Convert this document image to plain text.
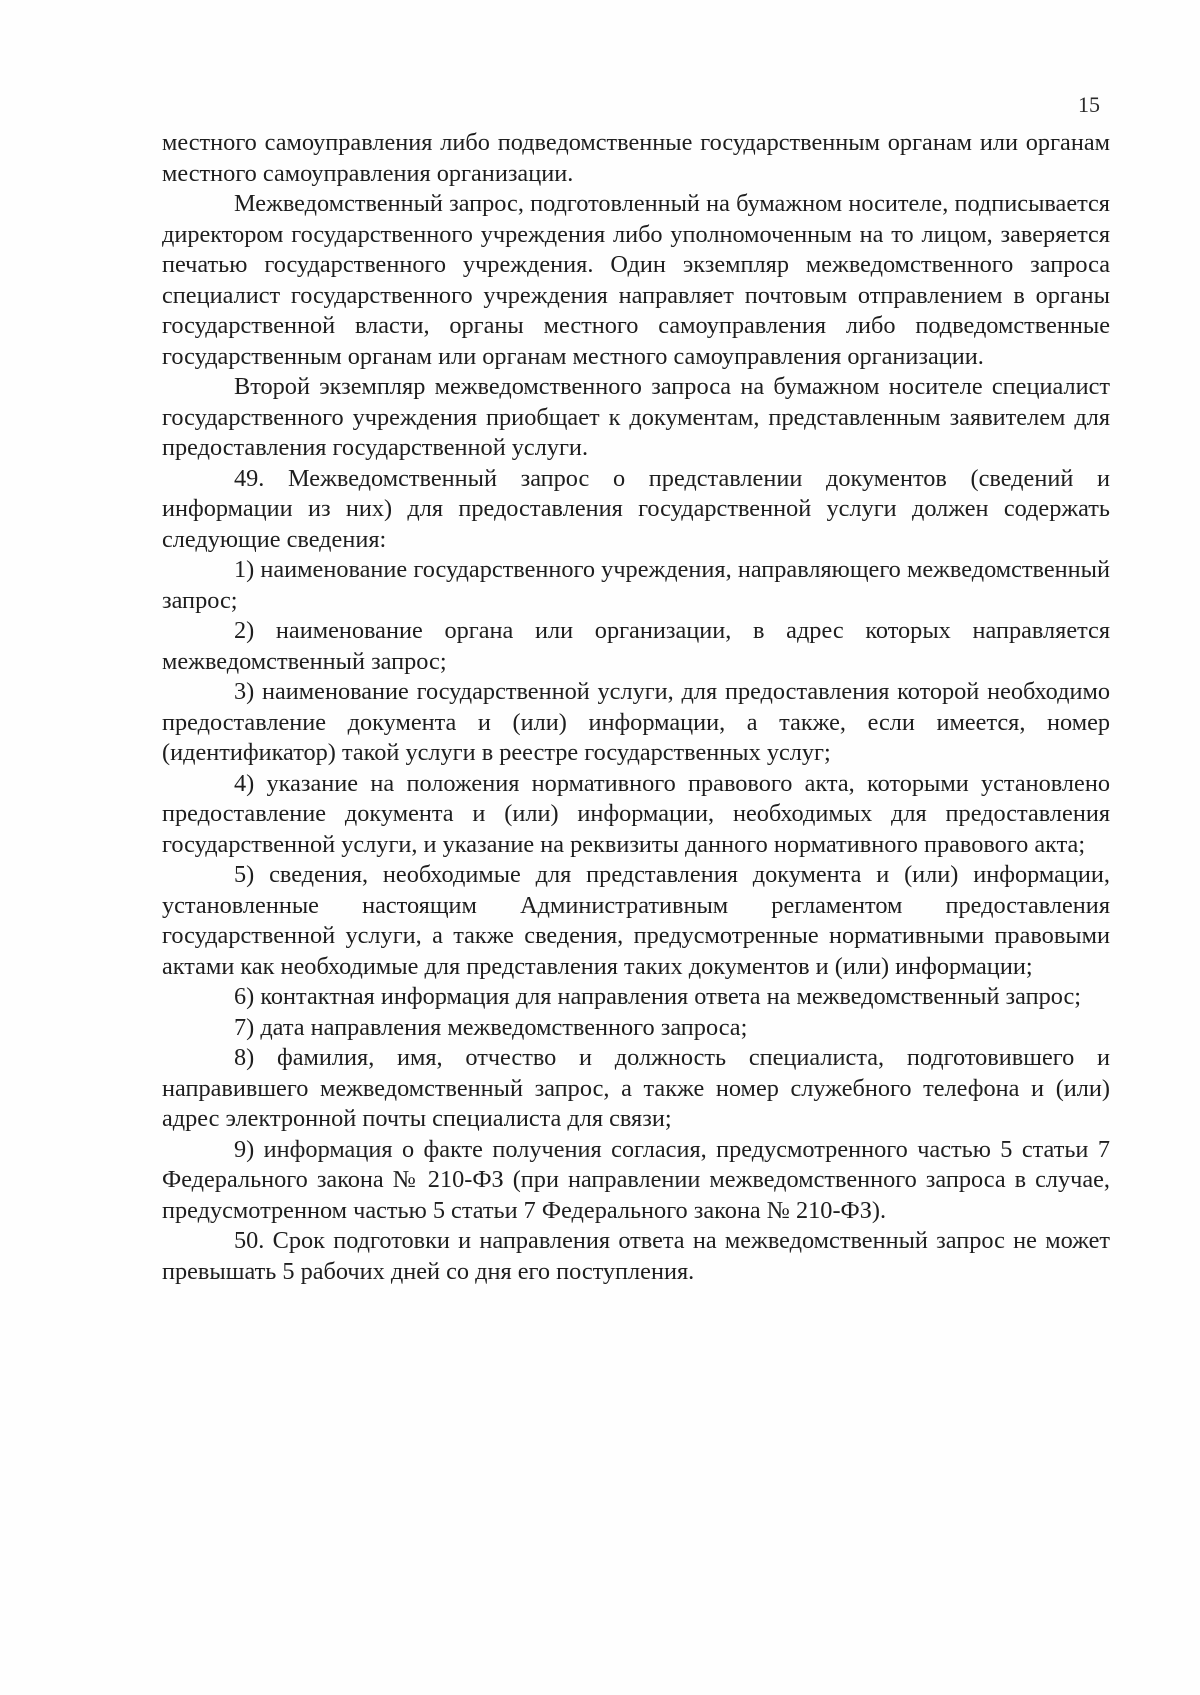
15

местного самоуправления либо подведомственные государственным органам или органам местного самоуправления организации.

Межведомственный запрос, подготовленный на бумажном носителе, подписывается директором государственного учреждения либо уполномоченным на то лицом, заверяется печатью государственного учреждения. Один экземпляр межведомственного запроса специалист государственного учреждения направляет почтовым отправлением в органы государственной власти, органы местного самоуправления либо подведомственные государственным органам или органам местного самоуправления организации.

Второй экземпляр межведомственного запроса на бумажном носителе специалист государственного учреждения приобщает к документам, представленным заявителем для предоставления государственной услуги.

49. Межведомственный запрос о представлении документов (сведений и информации из них) для предоставления государственной услуги должен содержать следующие сведения:

1) наименование государственного учреждения, направляющего межведомственный запрос;

2) наименование органа или организации, в адрес которых направляется межведомственный запрос;

3) наименование государственной услуги, для предоставления которой необходимо предоставление документа и (или) информации, а также, если имеется, номер (идентификатор) такой услуги в реестре государственных услуг;

4) указание на положения нормативного правового акта, которыми установлено предоставление документа и (или) информации, необходимых для предоставления государственной услуги, и указание на реквизиты данного нормативного правового акта;

5) сведения, необходимые для представления документа и (или) информации, установленные настоящим Административным регламентом предоставления государственной услуги, а также сведения, предусмотренные нормативными правовыми актами как необходимые для представления таких документов и (или) информации;

6) контактная информация для направления ответа на межведомственный запрос;

7) дата направления межведомственного запроса;

8) фамилия, имя, отчество и должность специалиста, подготовившего и направившего межведомственный запрос, а также номер служебного телефона и (или) адрес электронной почты специалиста для связи;

9) информация о факте получения согласия, предусмотренного частью 5 статьи 7 Федерального закона № 210-ФЗ (при направлении межведомственного запроса в случае, предусмотренном частью 5 статьи 7 Федерального закона № 210-ФЗ).

50. Срок подготовки и направления ответа на межведомственный запрос не может превышать 5 рабочих дней со дня его поступления.
